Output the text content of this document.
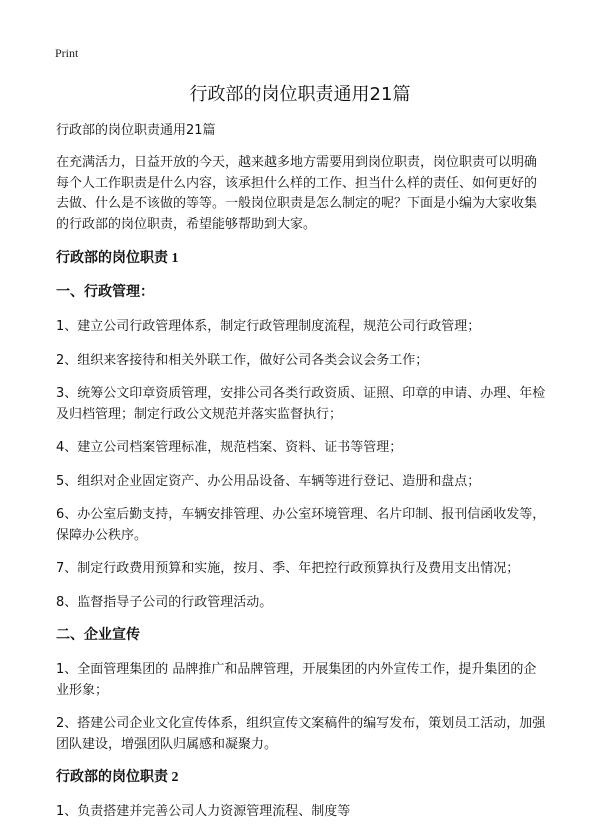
Print
行政部的岗位职责通用21篇

行政部的岗位职责通用21篇

在充满活力，日益开放的今天，越来越多地方需要用到岗位职责，岗位职责可以明确每个人工作职责是什么内容，该承担什么样的工作、担当什么样的责任、如何更好的去做、什么是不该做的等等。一般岗位职责是怎么制定的呢？下面是小编为大家收集的行政部的岗位职责，希望能够帮助到大家。

行政部的岗位职责 1
一、行政管理：

1、建立公司行政管理体系，制定行政管理制度流程，规范公司行政管理；

2、组织来客接待和相关外联工作，做好公司各类会议会务工作；

3、统筹公文印章资质管理，安排公司各类行政资质、证照、印章的申请、办理、年检及归档管理；制定行政公文规范并落实监督执行；

4、建立公司档案管理标准，规范档案、资料、证书等管理；

5、组织对企业固定资产、办公用品设备、车辆等进行登记、造册和盘点；

6、办公室后勤支持，车辆安排管理、办公室环境管理、名片印制、报刊信函收发等，保障办公秩序。

7、制定行政费用预算和实施，按月、季、年把控行政预算执行及费用支出情况；

8、监督指导子公司的行政管理活动。

二、企业宣传

1、全面管理集团的 品牌推广和品牌管理，开展集团的内外宣传工作，提升集团的企业形象；

2、搭建公司企业文化宣传体系，组织宣传文案稿件的编写发布，策划员工活动，加强团队建设，增强团队归属感和凝聚力。

行政部的岗位职责 2

1、负责搭建并完善公司人力资源管理流程、制度等
